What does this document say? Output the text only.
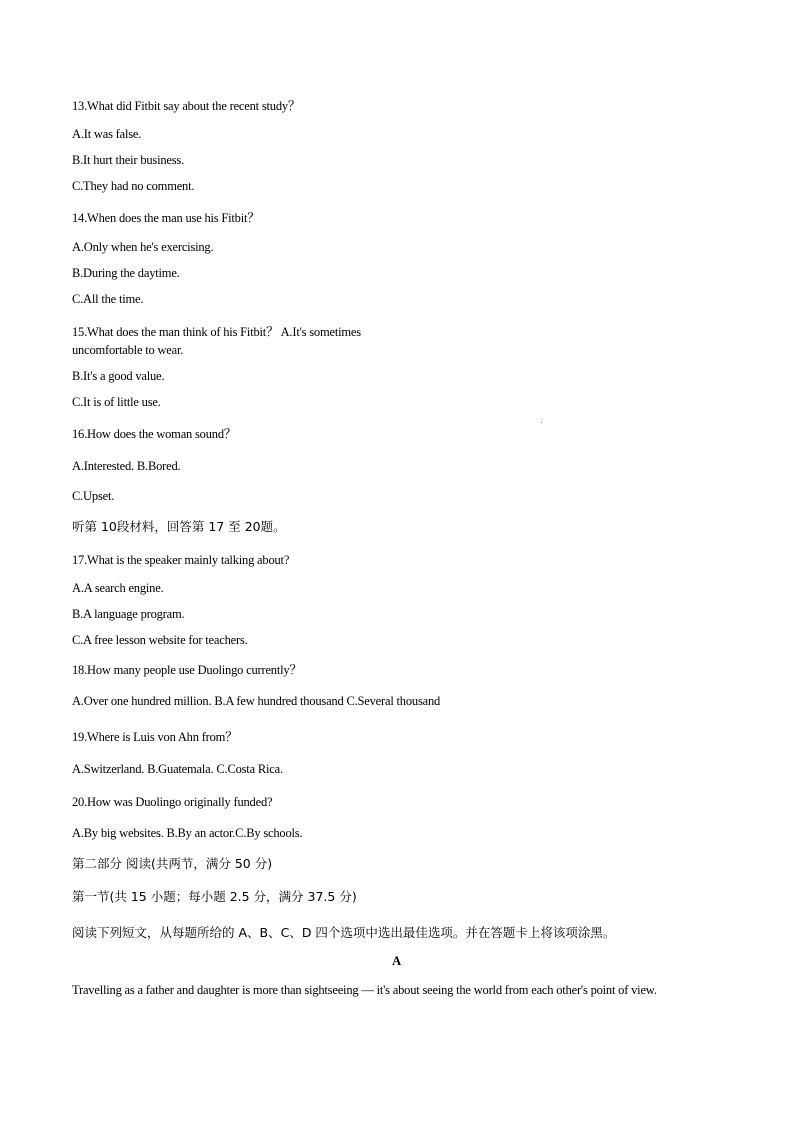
13.What did Fitbit say about the recent study？
A.It was false.
B.It hurt their business.
C.They had no comment.
14.When does the man use his Fitbit？
A.Only when he's exercising.
B.During the daytime.
C.All the time.
15.What does the man think of his Fitbit？ A.It's sometimes
uncomfortable to wear.
B.It's a good value.
C.It is of little use.
16.How does the woman sound？
A.Interested. B.Bored.
C.Upset.
听第 10段材料，回答第 17 至 20题。
17.What is the speaker mainly talking about?
A.A search engine.
B.A language program.
C.A free lesson website for teachers.
18.How many people use Duolingo currently？
A.Over one hundred million. B.A few hundred thousand C.Several thousand
19.Where is Luis von Ahn from？
A.Switzerland. B.Guatemala. C.Costa Rica.
20.How was Duolingo originally funded?
A.By big websites. B.By an actor.C.By schools.
第二部分 阅读(共两节，满分 50 分)
第一节(共 15 小题；每小题 2.5 分，满分 37.5 分)
阅读下列短文，从每题所给的 A、B、C、D 四个选项中选出最佳选项。并在答题卡上将该项涂黑。
A
Travelling as a father and daughter is more than sightseeing — it's about seeing the world from each other's point of view.
